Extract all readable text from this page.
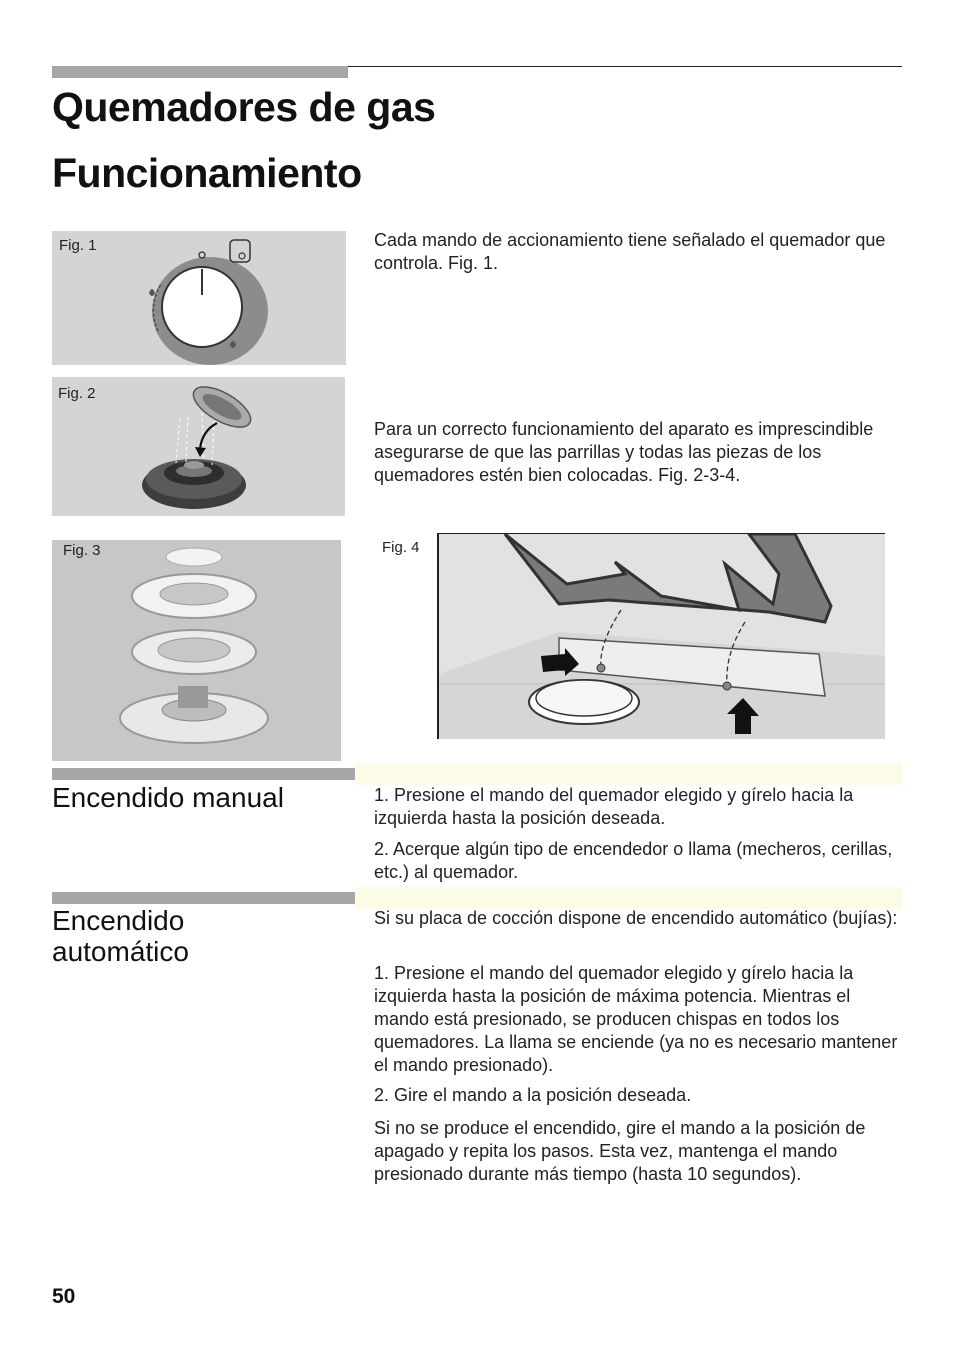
Quemadores de gas
Funcionamiento
Fig. 1
Fig. 2

Cada mando de accionamiento tiene señalado el quemador que controla. Fig. 1.

Para un correcto funcionamiento del aparato es imprescindible asegurarse de que las parrillas y todas las piezas de los quemadores estén bien colocadas. Fig. 2-3-4.

Fig. 3	Fig. 4
Encendido manual	1. Presione el mando del quemador elegido y gírelo hacia la izquierda hasta la posición deseada.

2. Acerque algún tipo de encendedor o llama (mecheros, cerillas, etc.) al quemador.

Encendido automático

Si su placa de cocción dispone de encendido automático (bujías):

1. Presione el mando del quemador elegido y gírelo hacia la izquierda hasta la posición de máxima potencia. Mientras el mando está presionado, se producen chispas en todos los quemadores. La llama se enciende (ya no es necesario mantener el mando presionado).

2. Gire el mando a la posición deseada.

Si no se produce el encendido, gire el mando a la posición de apagado y repita los pasos. Esta vez, mantenga el mando presionado durante más tiempo (hasta 10 segundos).

50
